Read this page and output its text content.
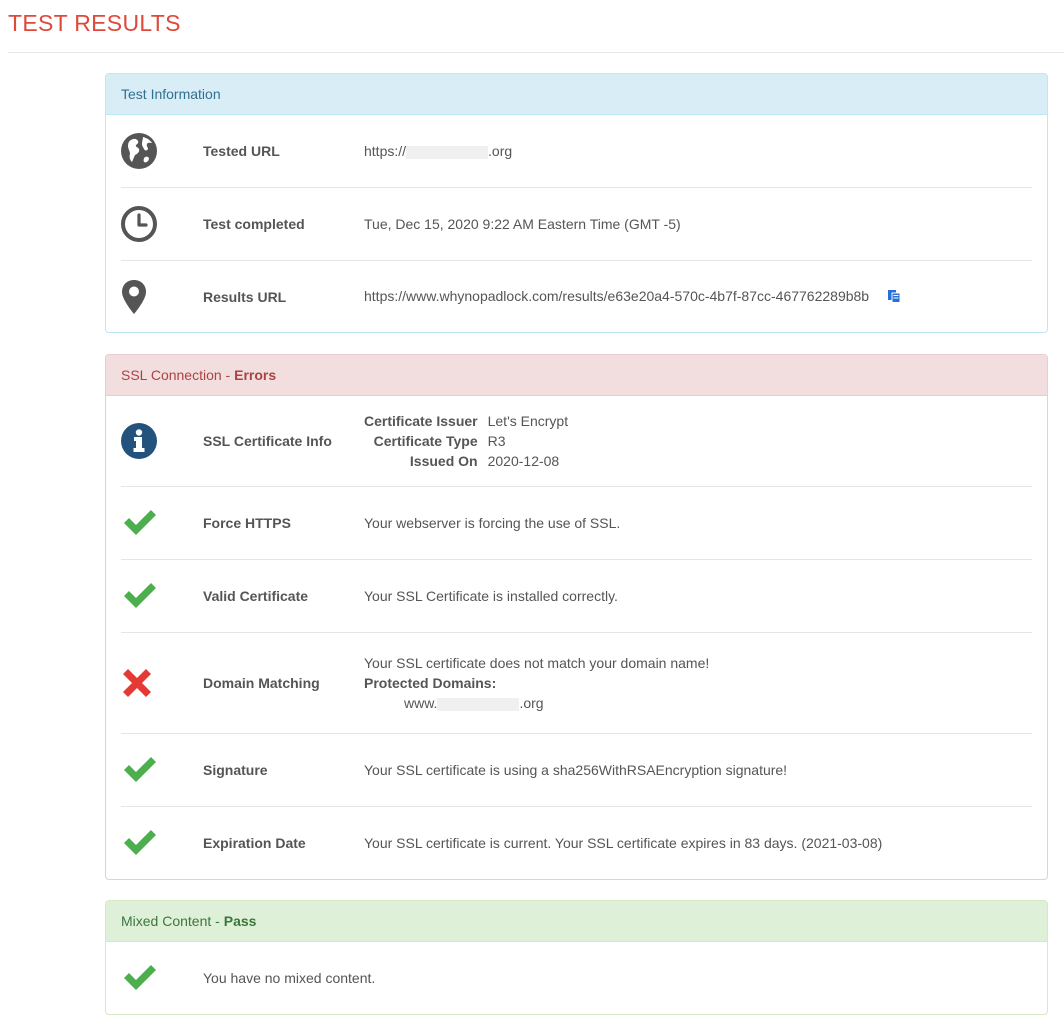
TEST RESULTS
Test Information
Tested URL	https://	.org
Test completed	Tue, Dec 15, 2020 9:22 AM Eastern Time (GMT -5)
Results URL	https://www.whynopadlock.com/results/e63e20a4-570c-4b7f-87cc-467762289b8b
SSL Connection - Errors
SSL Certificate Info
Certificate Issuer	Let's Encrypt
Certificate Type	R3
Issued On	2020-12-08
Force HTTPS	Your webserver is forcing the use of SSL.
Valid Certificate	Your SSL Certificate is installed correctly.
Domain Matching
Your SSL certificate does not match your domain name!
Protected Domains:
www.	.org
Signature	Your SSL certificate is using a sha256WithRSAEncryption signature!
Expiration Date	Your SSL certificate is current. Your SSL certificate expires in 83 days. (2021-03-08)
Mixed Content - Pass
You have no mixed content.
